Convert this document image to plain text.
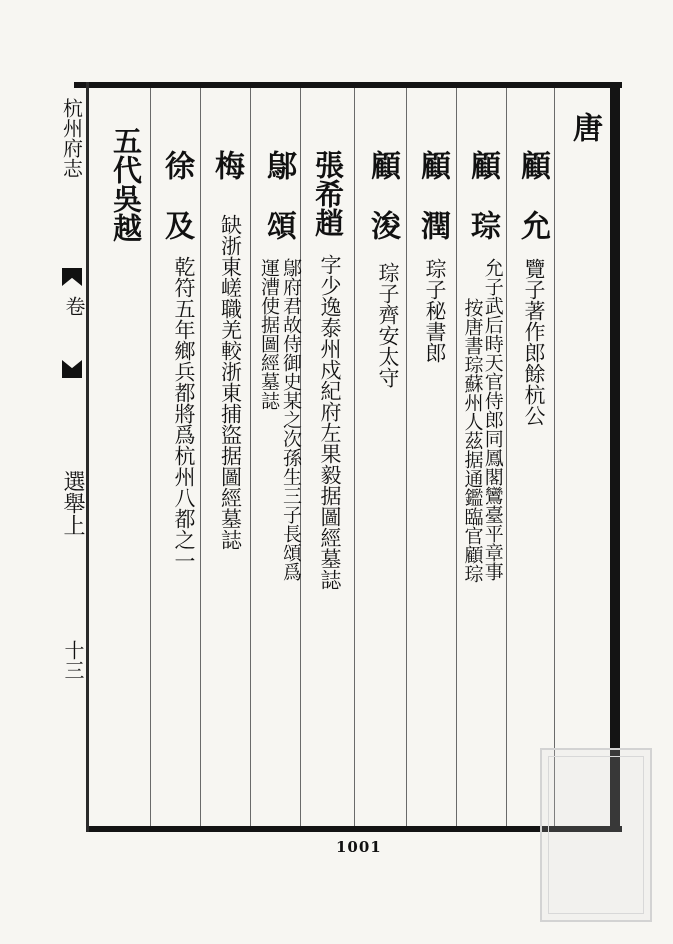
杭州府志
卷
選舉上
十三
唐
顧　允
覽子著作郎餘杭公
顧　琮
允子武后時天官侍郎同鳳閣鸞臺平章事
按唐書琮蘇州人茲据通鑑臨官顧琮
顧　潤
琮子秘書郎
顧　浚
琮子齊安太守
張希趙
字少逸泰州戍紀府左果毅据圖經墓誌
鄔　頌
鄔府君故侍御史某之次孫生三子長頌爲
運漕使据圖經墓誌
梅
缺浙東嵯職羌較浙東捕盜据圖經墓誌
徐　及
乾符五年鄉兵都將爲杭州八都之一
五代吳越
1001
